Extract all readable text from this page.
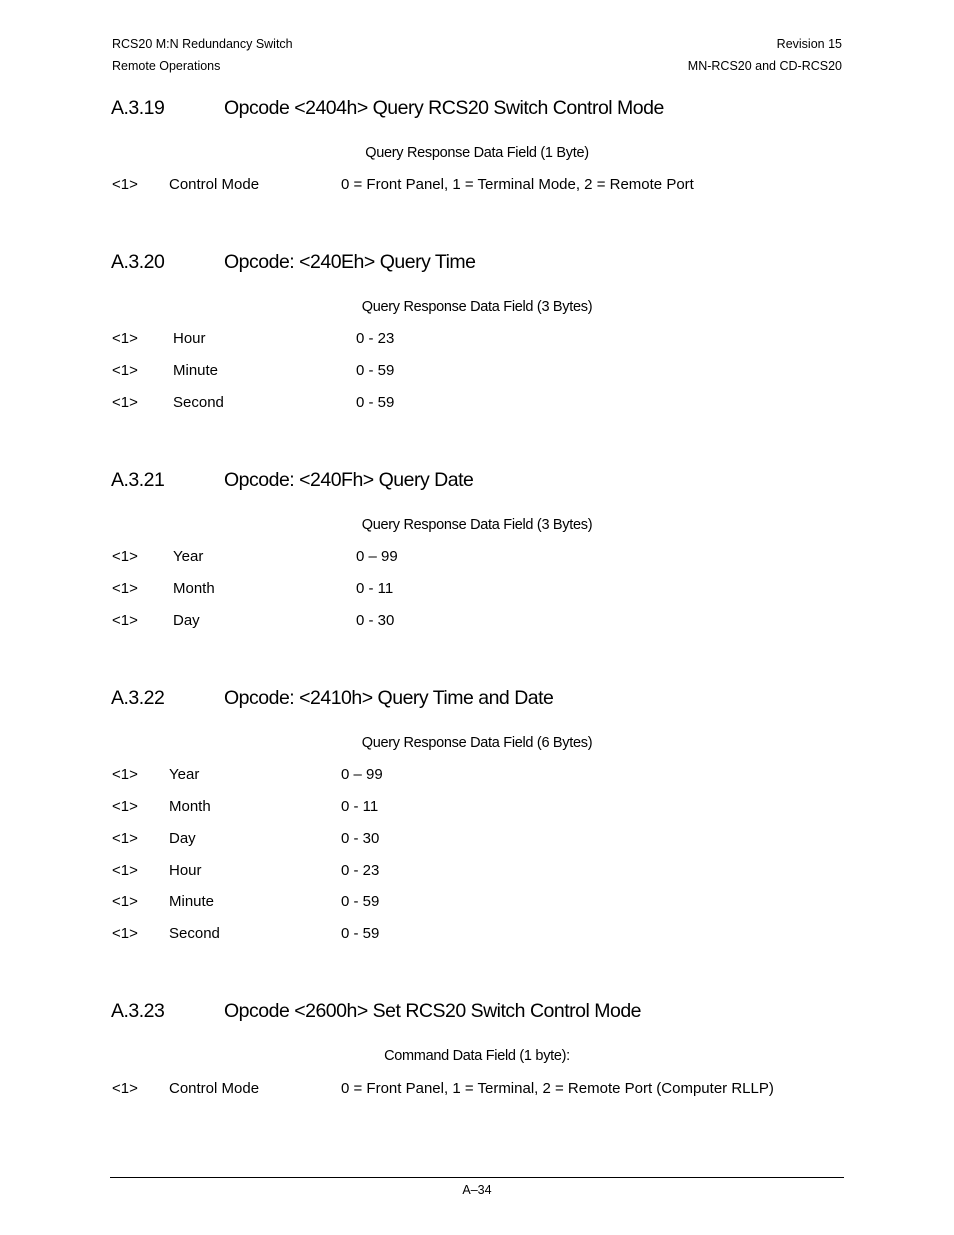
RCS20 M:N Redundancy Switch
Remote Operations
Revision 15
MN-RCS20 and CD-RCS20
A.3.19	Opcode <2404h> Query RCS20 Switch Control Mode
Query Response Data Field (1 Byte)
<1> Control Mode	0 = Front Panel, 1 = Terminal Mode, 2 = Remote Port
A.3.20	Opcode: <240Eh> Query Time
Query Response Data Field (3 Bytes)
<1> Hour	0 - 23
<1> Minute	0 - 59
<1> Second	0 - 59
A.3.21	Opcode: <240Fh> Query Date
Query Response Data Field (3 Bytes)
<1> Year	0 – 99
<1> Month	0 - 11
<1> Day	0 - 30
A.3.22	Opcode: <2410h> Query Time and Date
Query Response Data Field (6 Bytes)
<1> Year	0 – 99
<1> Month	0 - 11
<1> Day	0 - 30
<1> Hour	0 - 23
<1> Minute	0 - 59
<1> Second	0 - 59
A.3.23	Opcode <2600h> Set RCS20 Switch Control Mode
Command Data Field (1 byte):
<1> Control Mode	0 = Front Panel, 1 = Terminal, 2 = Remote Port (Computer RLLP)
A–34
